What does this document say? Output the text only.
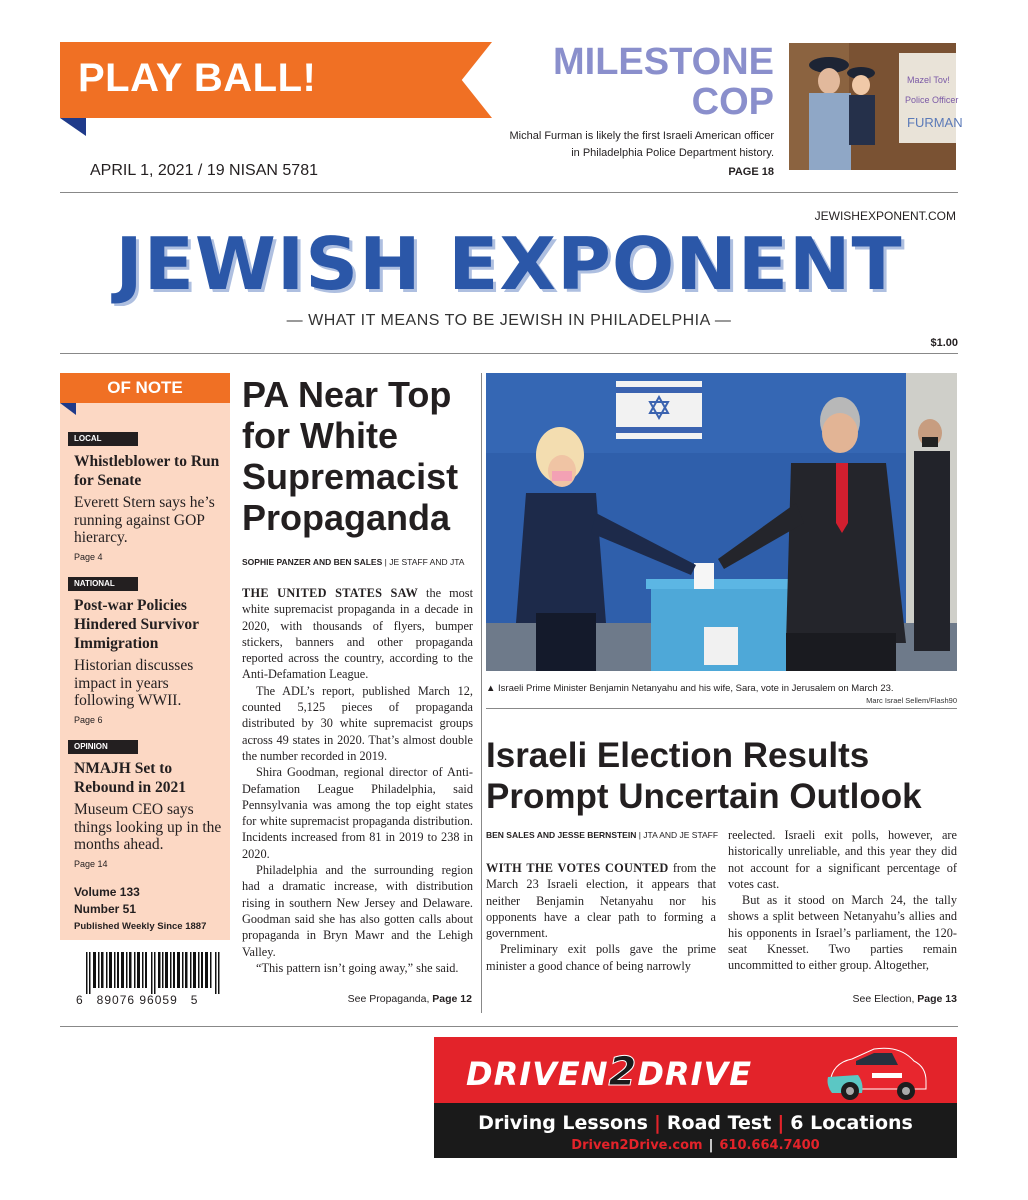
PLAY BALL!	MILESTONE
COP
Michal Furman is likely the first Israeli American officer in Philadelphia Police Department history.
PAGE 18
Mazel Tov!
Police Officer
FURMAN
APRIL 1, 2021 / 19 NISAN 5781
JEWISHEXPONENT.COM
JEWISH EXPONENT
— WHAT IT MEANS TO BE JEWISH IN PHILADELPHIA —
$1.00
OF NOTE
LOCAL
Whistleblower to Run for Senate
Everett Stern says he’s running against GOP hierarcy.
Page 4
NATIONAL
Post-war Policies Hindered Survivor Immigration
Historian discusses impact in years following WWII.
Page 6
OPINION
NMAJH Set to Rebound in 2021
Museum CEO says things looking up in the months ahead.
Page 14
Volume 133
Number 51
Published Weekly Since 1887
6   89076 96059   5
PA Near Top for White Supremacist Propaganda
SOPHIE PANZER AND BEN SALES | JE STAFF AND JTA

THE UNITED STATES SAW the most white supremacist propaganda in a decade in 2020, with thousands of flyers, bumper stickers, banners and other propaganda reported across the country, according to the Anti-Defamation League.

The ADL’s report, published March 12, counted 5,125 pieces of propaganda distributed by 30 white supremacist groups across 49 states in 2020. That’s almost double the number recorded in 2019.

Shira Goodman, regional director of Anti-Defamation League Philadelphia, said Pennsylvania was among the top eight states for white supremacist propaganda distribution. Incidents increased from 81 in 2019 to 238 in 2020.

Philadelphia and the surrounding region had a dramatic increase, with distribution rising in southern New Jersey and Delaware. Goodman said she has also gotten calls about propaganda in Bryn Mawr and the Lehigh Valley.

“This pattern isn’t going away,” she said.

See Propaganda, Page 12
▲ Israeli Prime Minister Benjamin Netanyahu and his wife, Sara, vote in Jerusalem on March 23.
Marc Israel Sellem/Flash90
Israeli Election Results Prompt Uncertain Outlook
BEN SALES AND JESSE BERNSTEIN | JTA AND JE STAFF

WITH THE VOTES COUNTED from the March 23 Israeli election, it appears that neither Benjamin Netanyahu nor his opponents have a clear path to forming a government.

Preliminary exit polls gave the prime minister a good chance of being narrowly

reelected. Israeli exit polls, however, are historically unreliable, and this year they did not account for a significant percentage of votes cast.

But as it stood on March 24, the tally shows a split between Netanyahu’s allies and his opponents in Israel’s parliament, the 120-seat Knesset. Two parties remain uncommitted to either group. Altogether,

See Election, Page 13
DRIVEN2DRIVE
Driving Lessons | Road Test | 6 Locations
Driven2Drive.com | 610.664.7400
